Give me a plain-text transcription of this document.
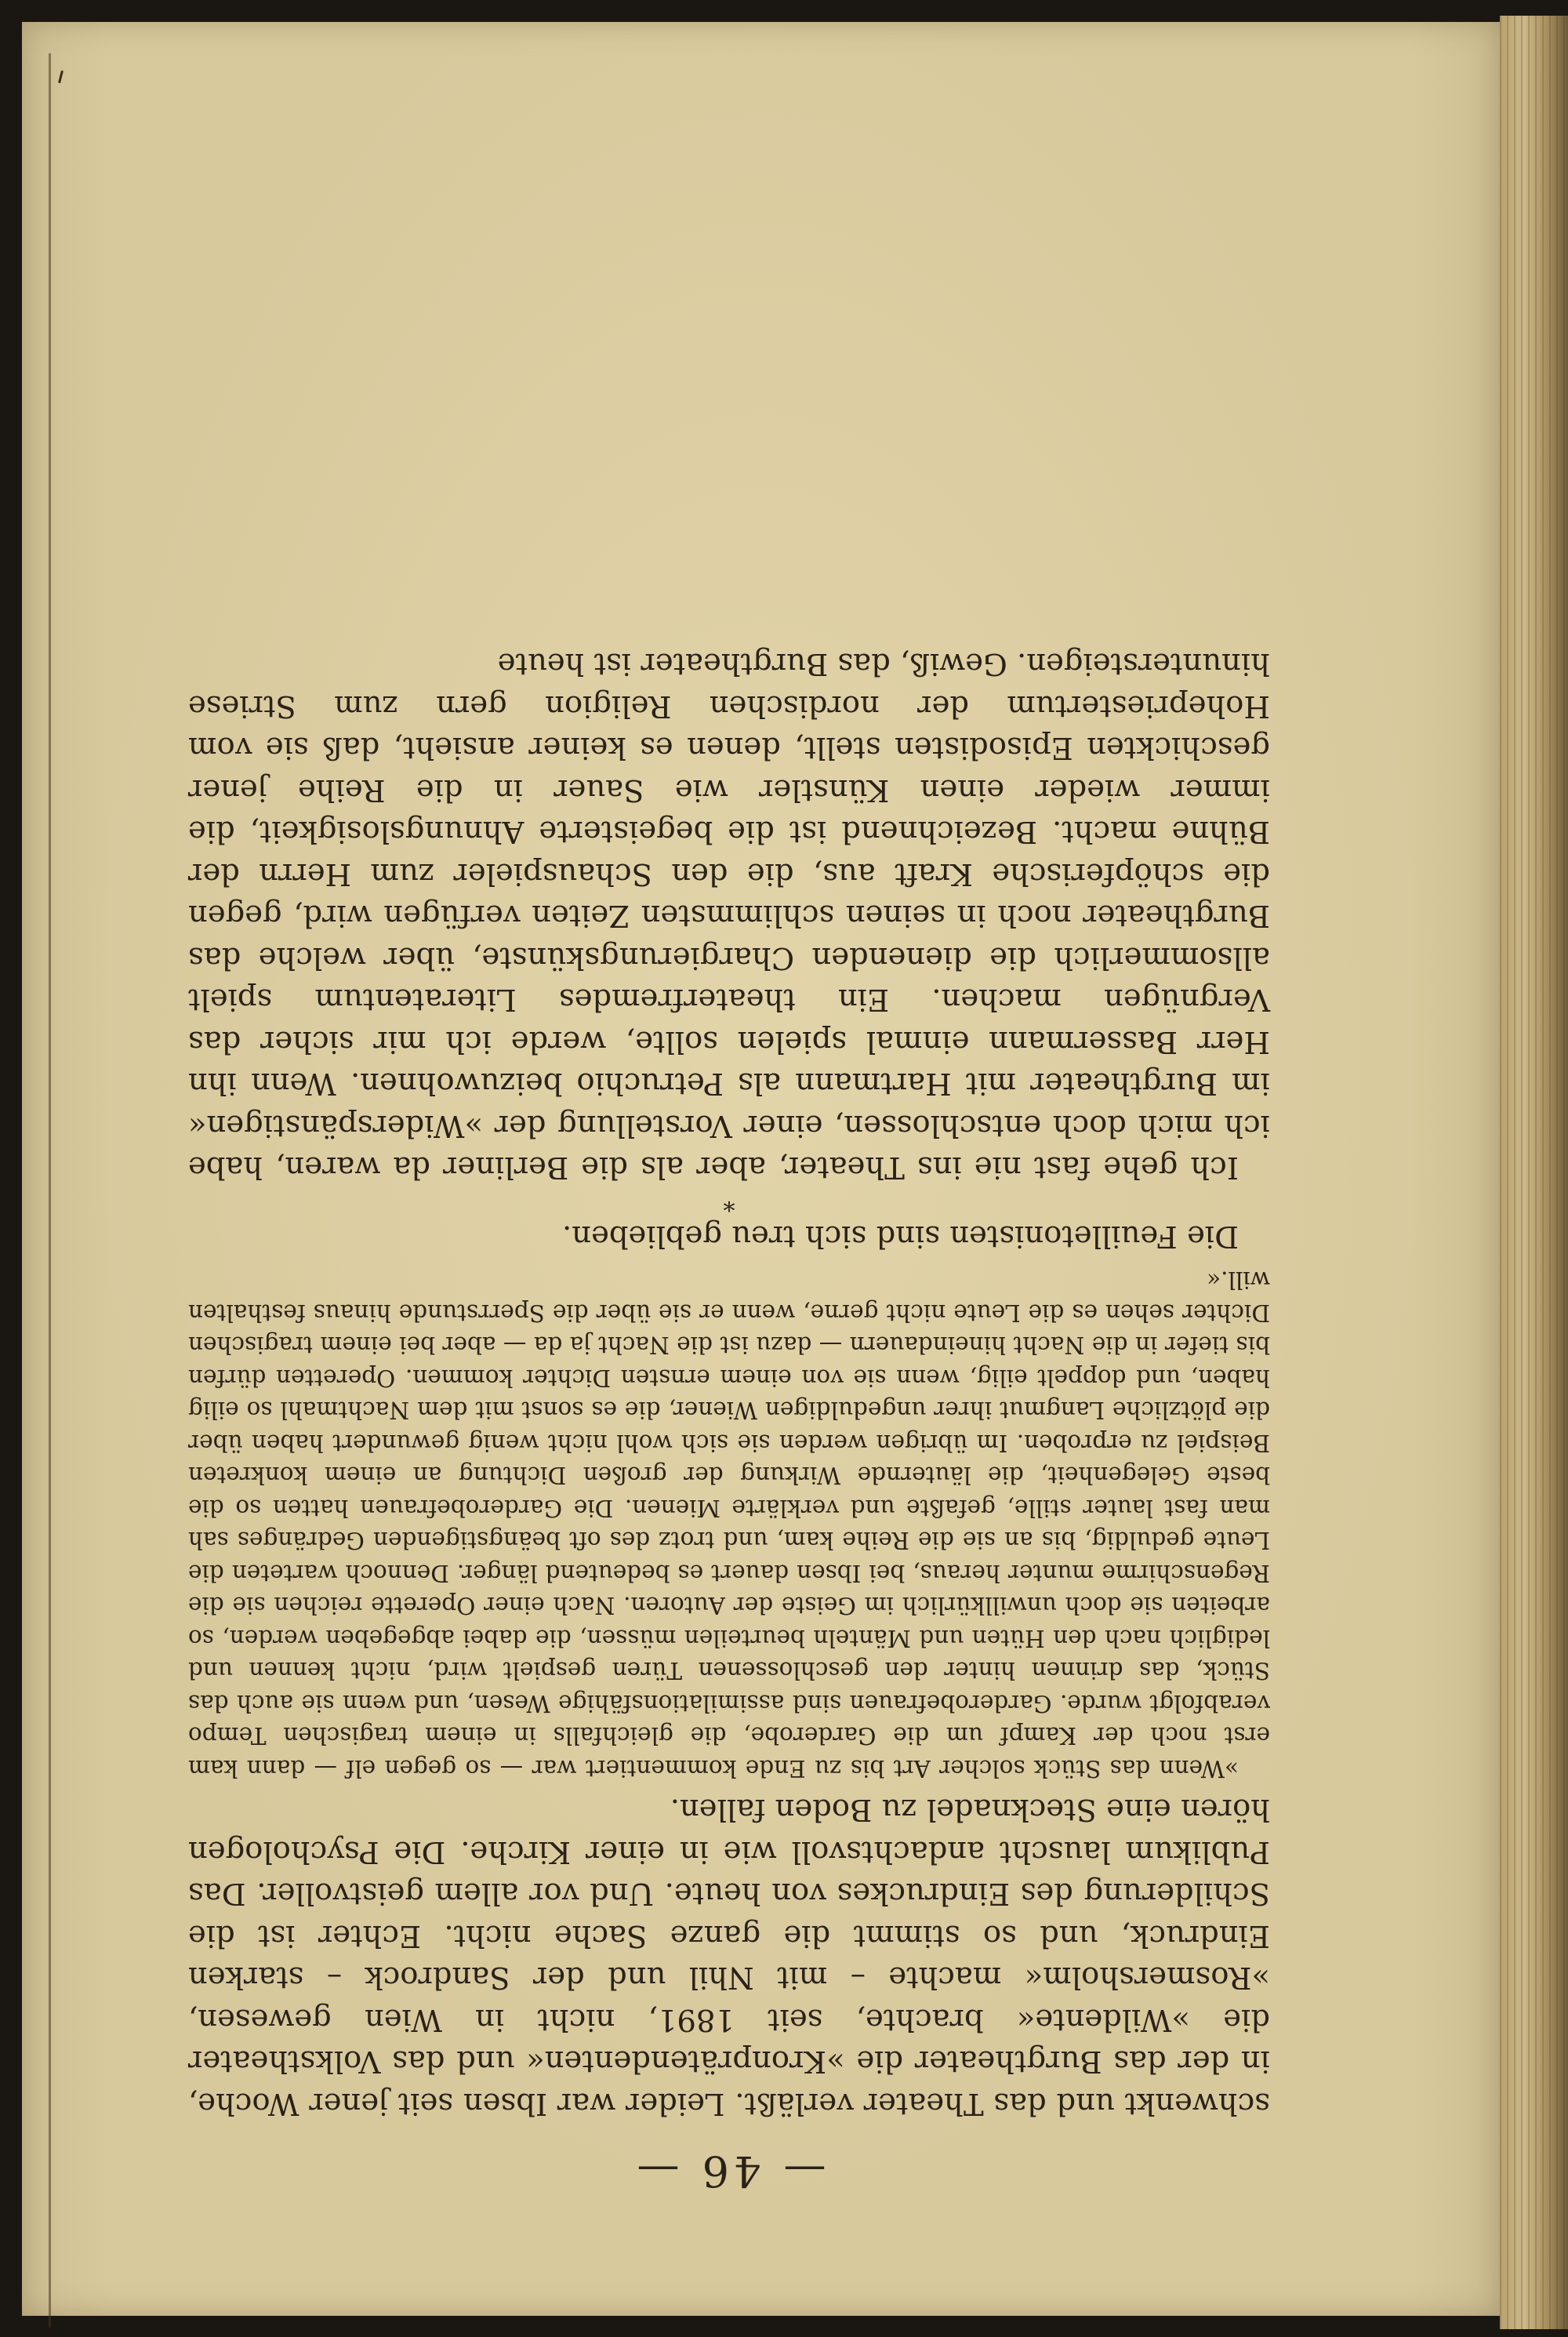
— 46 —

schwenkt und das Theater verläßt. Leider war Ibsen seit jener Woche, in der das Burgtheater die »Kronprätendenten« und das Volkstheater die »Wildente« brachte, seit 1891, nicht in Wien gewesen, »Rosmersholm« machte – mit Nhil und der Sandrock – starken Eindruck, und so stimmt die ganze Sache nicht. Echter ist die Schilderung des Eindruckes von heute. Und vor allem geistvoller. Das Publikum lauscht andachtsvoll wie in einer Kirche. Die Psychologen hören eine Stecknadel zu Boden fallen.

»Wenn das Stück solcher Art bis zu Ende kommentiert war — so gegen elf — dann kam erst noch der Kampf um die Garderobe, die gleichfalls in einem tragischen Tempo verabfolgt wurde. Garderobefrauen sind assimilationsfähige Wesen, und wenn sie auch das Stück, das drinnen hinter den geschlossenen Türen gespielt wird, nicht kennen und lediglich nach den Hüten und Mänteln beurteilen müssen, die dabei abgegeben werden, so arbeiten sie doch unwillkürlich im Geiste der Autoren. Nach einer Operette reichen sie die Regenschirme munter heraus, bei Ibsen dauert es bedeutend länger. Dennoch warteten die Leute geduldig, bis an sie die Reihe kam, und trotz des oft beängstigenden Gedränges sah man fast lauter stille, gefaßte und verklärte Mienen. Die Garderobefrauen hatten so die beste Gelegenheit, die läuternde Wirkung der großen Dichtung an einem konkreten Beispiel zu erproben. Im übrigen werden sie sich wohl nicht wenig gewundert haben über die plötzliche Langmut ihrer ungeduldigen Wiener, die es sonst mit dem Nachtmahl so eilig haben, und doppelt eilig, wenn sie von einem ernsten Dichter kommen. Operetten dürfen bis tiefer in die Nacht hineindauern — dazu ist die Nacht ja da — aber bei einem tragischen Dichter sehen es die Leute nicht gerne, wenn er sie über die Sperrstunde hinaus festhalten will.«

Die Feuilletonisten sind sich treu geblieben.

*

Ich gehe fast nie ins Theater, aber als die Berliner da waren, habe ich mich doch entschlossen, einer Vorstellung der »Widerspänstigen« im Burgtheater mit Hartmann als Petruchio beizuwohnen. Wenn ihn Herr Bassermann einmal spielen sollte, werde ich mir sicher das Vergnügen machen. Ein theaterfremdes Literatentum spielt allsommerlich die dienenden Chargierungskünste, über welche das Burgtheater noch in seinen schlimmsten Zeiten verfügen wird, gegen die schöpferische Kraft aus, die den Schauspieler zum Herrn der Bühne macht. Bezeichnend ist die begeisterte Ahnungslosigkeit, die immer wieder einen Künstler wie Sauer in die Reihe jener geschickten Episodisten stellt, denen es keiner ansieht, daß sie vom Hohepriestertum der nordischen Religion gern zum Striese hinuntersteigen. Gewiß, das Burgtheater ist heute
